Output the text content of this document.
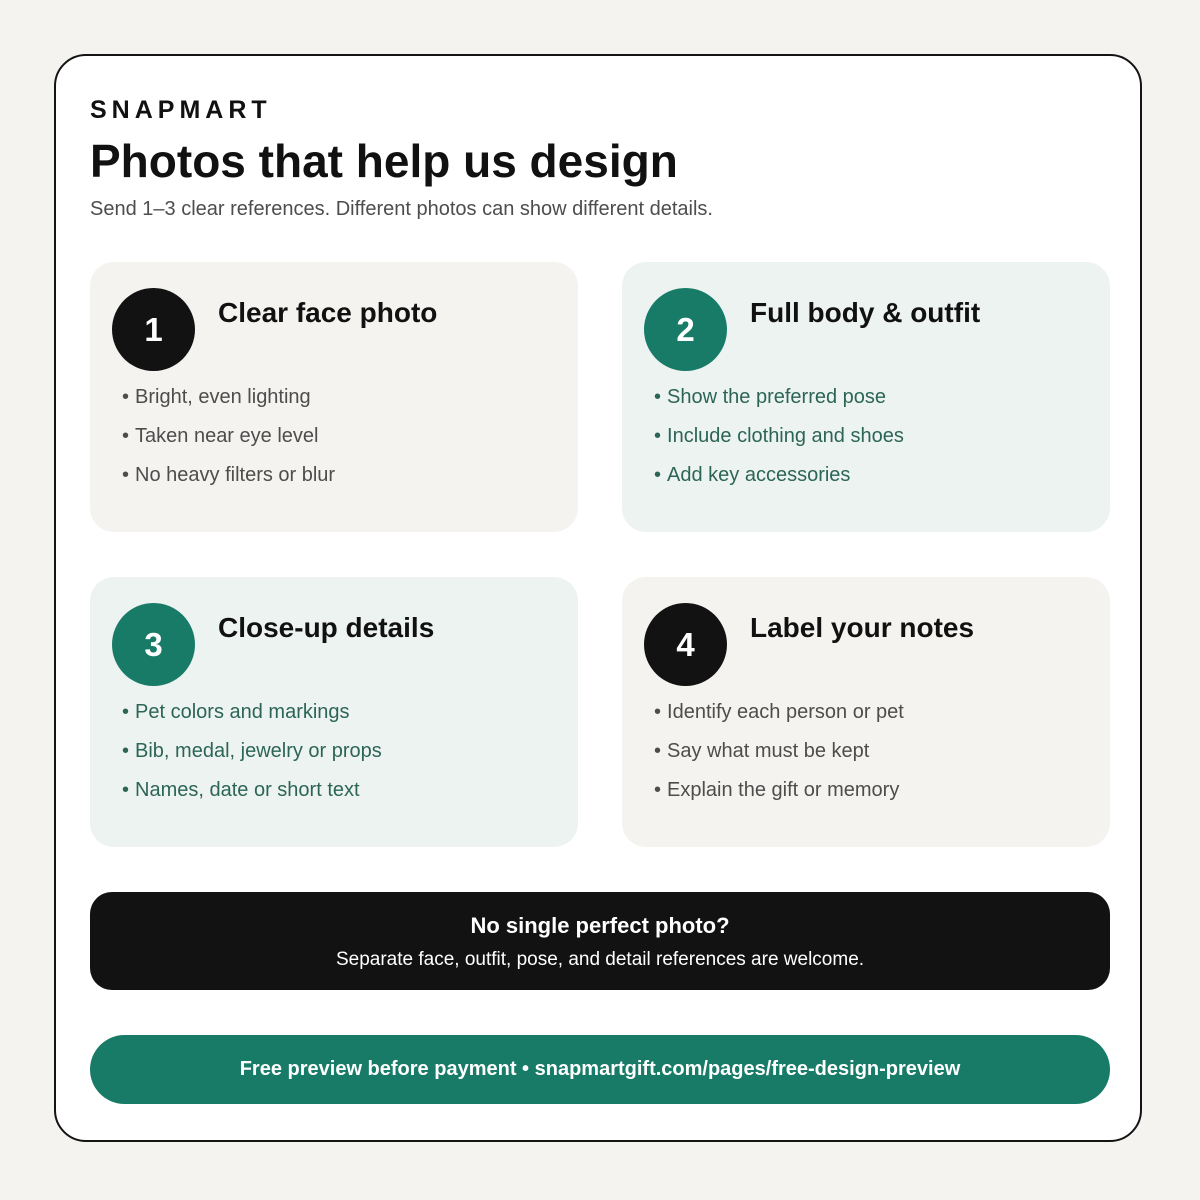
SNAPMART
Photos that help us design
Send 1–3 clear references. Different photos can show different details.
1	Clear face photo
• Bright, even lighting
• Taken near eye level
• No heavy filters or blur
2	Full body & outfit
• Show the preferred pose
• Include clothing and shoes
• Add key accessories
3	Close-up details
• Pet colors and markings
• Bib, medal, jewelry or props
• Names, date or short text
4	Label your notes
• Identify each person or pet
• Say what must be kept
• Explain the gift or memory
No single perfect photo?
Separate face, outfit, pose, and detail references are welcome.
Free preview before payment • snapmartgift.com/pages/free-design-preview
